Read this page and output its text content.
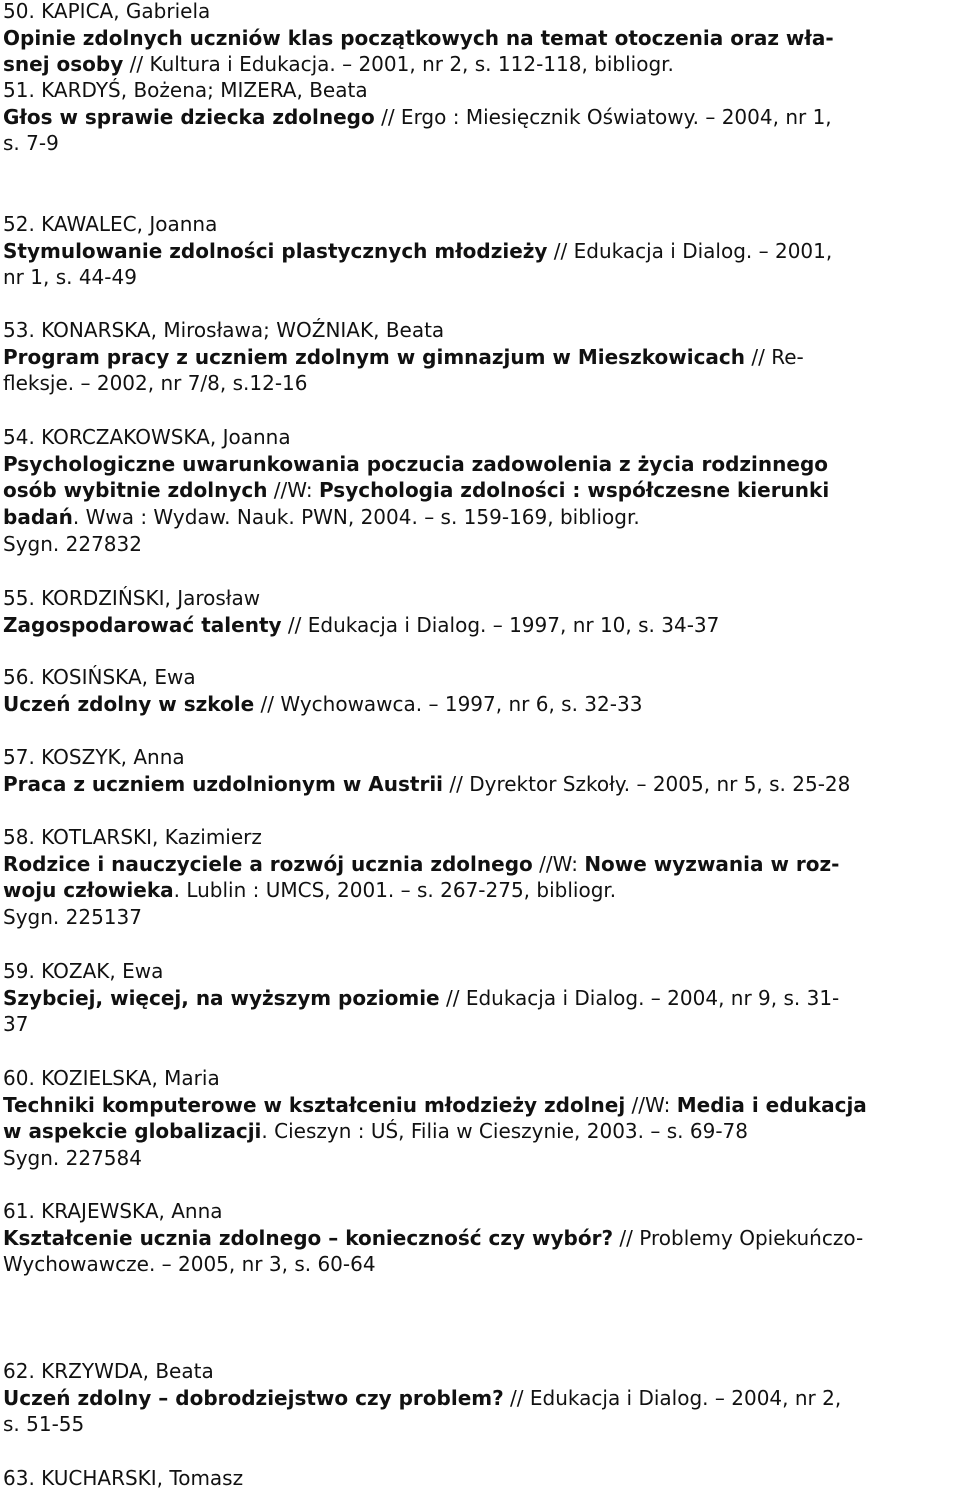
50. KAPICA, Gabriela

Opinie zdolnych uczniów klas początkowych na temat otoczenia oraz wła-

snej osoby // Kultura i Edukacja. – 2001, nr 2, s. 112-118, bibliogr.

51. KARDYŚ, Bożena; MIZERA, Beata

Głos w sprawie dziecka zdolnego // Ergo : Miesięcznik Oświatowy. – 2004, nr 1,

s. 7-9

52. KAWALEC, Joanna

Stymulowanie zdolności plastycznych młodzieży // Edukacja i Dialog. – 2001,

nr 1, s. 44-49

53. KONARSKA, Mirosława; WOŹNIAK, Beata

Program pracy z uczniem zdolnym w gimnazjum w Mieszkowicach // Re-

fleksje. – 2002, nr 7/8, s.12-16

54. KORCZAKOWSKA, Joanna

Psychologiczne uwarunkowania poczucia zadowolenia z życia rodzinnego

osób wybitnie zdolnych //W: Psychologia zdolności : współczesne kierunki

badań. Wwa : Wydaw. Nauk. PWN, 2004. – s. 159-169, bibliogr.

Sygn. 227832

55. KORDZIŃSKI, Jarosław

Zagospodarować talenty // Edukacja i Dialog. – 1997, nr 10, s. 34-37

56. KOSIŃSKA, Ewa

Uczeń zdolny w szkole // Wychowawca. – 1997, nr 6, s. 32-33

57. KOSZYK, Anna

Praca z uczniem uzdolnionym w Austrii // Dyrektor Szkoły. – 2005, nr 5, s. 25-28

58. KOTLARSKI, Kazimierz

Rodzice i nauczyciele a rozwój ucznia zdolnego //W: Nowe wyzwania w roz-

woju człowieka. Lublin : UMCS, 2001. – s. 267-275, bibliogr.

Sygn. 225137

59. KOZAK, Ewa

Szybciej, więcej, na wyższym poziomie // Edukacja i Dialog. – 2004, nr 9, s. 31-

37

60. KOZIELSKA, Maria

Techniki komputerowe w kształceniu młodzieży zdolnej //W: Media i edukacja

w aspekcie globalizacji. Cieszyn : UŚ, Filia w Cieszynie, 2003. – s. 69-78

Sygn. 227584

61. KRAJEWSKA, Anna

Kształcenie ucznia zdolnego – konieczność czy wybór? // Problemy Opiekuńczo-

Wychowawcze. – 2005, nr 3, s. 60-64

62. KRZYWDA, Beata

Uczeń zdolny – dobrodziejstwo czy problem? // Edukacja i Dialog. – 2004, nr 2,

s. 51-55

63. KUCHARSKI, Tomasz
